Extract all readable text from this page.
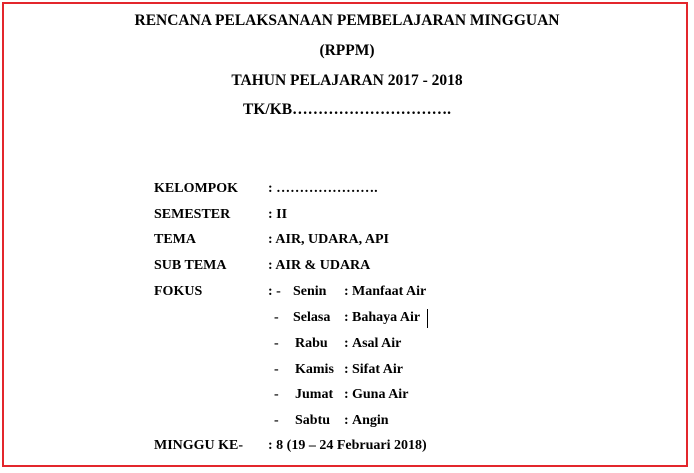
RENCANA PELAKSANAAN PEMBELAJARAN MINGGUAN
(RPPM)
TAHUN PELAJARAN 2017 - 2018
TK/KB………………………….
KELOMPOK : ………………….
SEMESTER	: II
TEMA	: AIR, UDARA, API
SUB TEMA	: AIR & UDARA
FOKUS	: - Senin : Manfaat Air
- Selasa : Bahaya Air
- Rabu : Asal Air
- Kamis : Sifat Air
- Jumat : Guna Air
- Sabtu : Angin
MINGGU KE- : 8 (19 – 24 Februari 2018)
